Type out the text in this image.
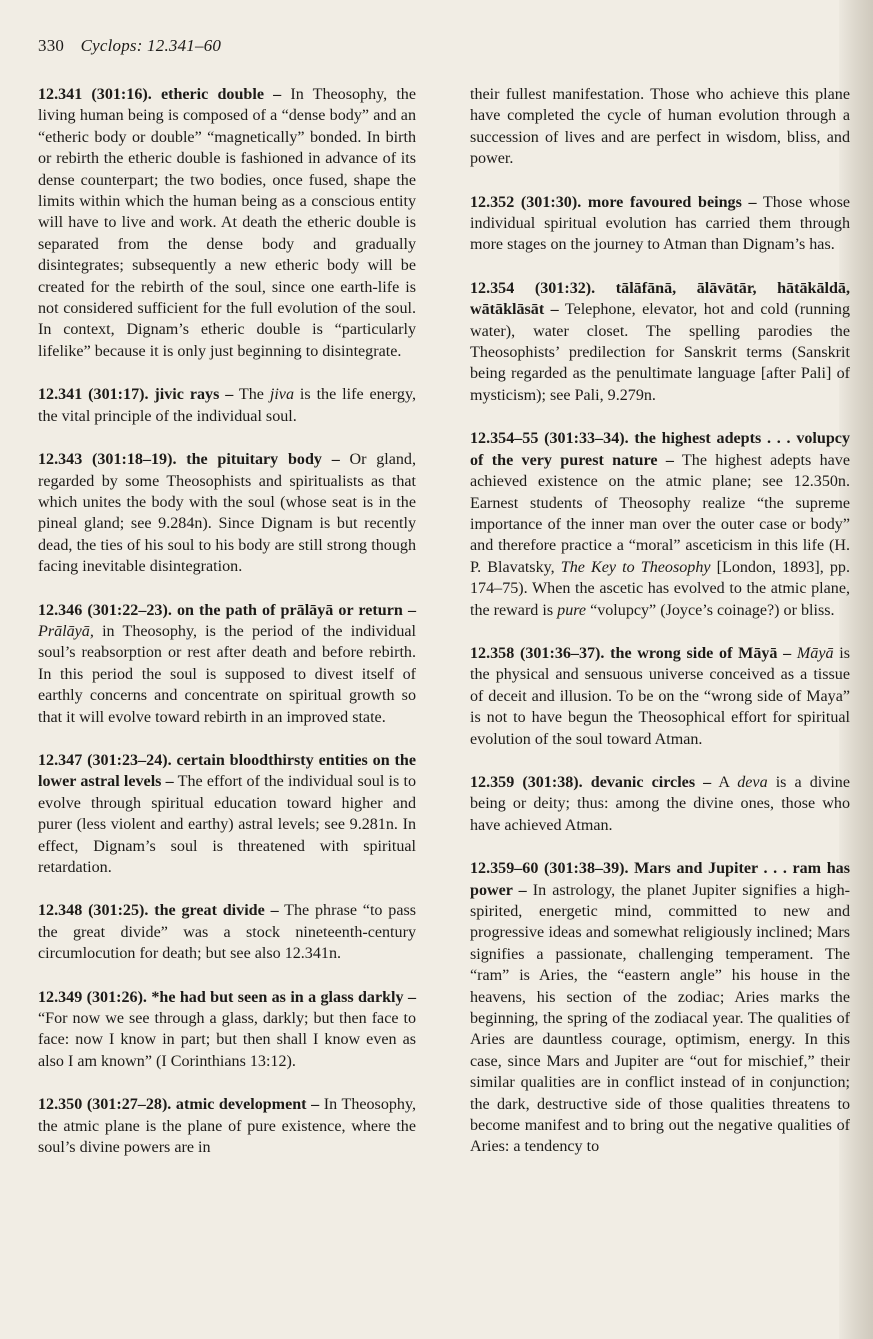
330 Cyclops: 12.341–60

12.341 (301:16). etheric double – In Theosophy, the living human being is composed of a “dense body” and an “etheric body or double” “magnetically” bonded. In birth or rebirth the etheric double is fashioned in advance of its dense counterpart; the two bodies, once fused, shape the limits within which the human being as a conscious entity will have to live and work. At death the etheric double is separated from the dense body and gradually disintegrates; subsequently a new etheric body will be created for the rebirth of the soul, since one earth-life is not considered sufficient for the full evolution of the soul. In context, Dignam’s etheric double is “particularly lifelike” because it is only just beginning to disintegrate.

12.341 (301:17). jivic rays – The jiva is the life energy, the vital principle of the individual soul.

12.343 (301:18–19). the pituitary body – Or gland, regarded by some Theosophists and spiritualists as that which unites the body with the soul (whose seat is in the pineal gland; see 9.284n). Since Dignam is but recently dead, the ties of his soul to his body are still strong though facing inevitable disintegration.

12.346 (301:22–23). on the path of prālāyā or return – Prālāyā, in Theosophy, is the period of the individual soul’s reabsorption or rest after death and before rebirth. In this period the soul is supposed to divest itself of earthly concerns and concentrate on spiritual growth so that it will evolve toward rebirth in an improved state.

12.347 (301:23–24). certain bloodthirsty entities on the lower astral levels – The effort of the individual soul is to evolve through spiritual education toward higher and purer (less violent and earthy) astral levels; see 9.281n. In effect, Dignam’s soul is threatened with spiritual retardation.

12.348 (301:25). the great divide – The phrase “to pass the great divide” was a stock nineteenth-century circumlocution for death; but see also 12.341n.

12.349 (301:26). *he had but seen as in a glass darkly – “For now we see through a glass, darkly; but then face to face: now I know in part; but then shall I know even as also I am known” (I Corinthians 13:12).

12.350 (301:27–28). atmic development – In Theosophy, the atmic plane is the plane of pure existence, where the soul’s divine powers are in

their fullest manifestation. Those who achieve this plane have completed the cycle of human evolution through a succession of lives and are perfect in wisdom, bliss, and power.

12.352 (301:30). more favoured beings – Those whose individual spiritual evolution has carried them through more stages on the journey to Atman than Dignam’s has.

12.354 (301:32). tālāfānā, ālāvātār, hātākāldā, wātāklāsāt – Telephone, elevator, hot and cold (running water), water closet. The spelling parodies the Theosophists’ predilection for Sanskrit terms (Sanskrit being regarded as the penultimate language [after Pali] of mysticism); see Pali, 9.279n.

12.354–55 (301:33–34). the highest adepts . . . volupcy of the very purest nature – The highest adepts have achieved existence on the atmic plane; see 12.350n. Earnest students of Theosophy realize “the supreme importance of the inner man over the outer case or body” and therefore practice a “moral” asceticism in this life (H. P. Blavatsky, The Key to Theosophy [London, 1893], pp. 174–75). When the ascetic has evolved to the atmic plane, the reward is pure “volupcy” (Joyce’s coinage?) or bliss.

12.358 (301:36–37). the wrong side of Māyā – Māyā is the physical and sensuous universe conceived as a tissue of deceit and illusion. To be on the “wrong side of Maya” is not to have begun the Theosophical effort for spiritual evolution of the soul toward Atman.

12.359 (301:38). devanic circles – A deva is a divine being or deity; thus: among the divine ones, those who have achieved Atman.

12.359–60 (301:38–39). Mars and Jupiter . . . ram has power – In astrology, the planet Jupiter signifies a high-spirited, energetic mind, committed to new and progressive ideas and somewhat religiously inclined; Mars signifies a passionate, challenging temperament. The “ram” is Aries, the “eastern angle” his house in the heavens, his section of the zodiac; Aries marks the beginning, the spring of the zodiacal year. The qualities of Aries are dauntless courage, optimism, energy. In this case, since Mars and Jupiter are “out for mischief,” their similar qualities are in conflict instead of in conjunction; the dark, destructive side of those qualities threatens to become manifest and to bring out the negative qualities of Aries: a tendency to
